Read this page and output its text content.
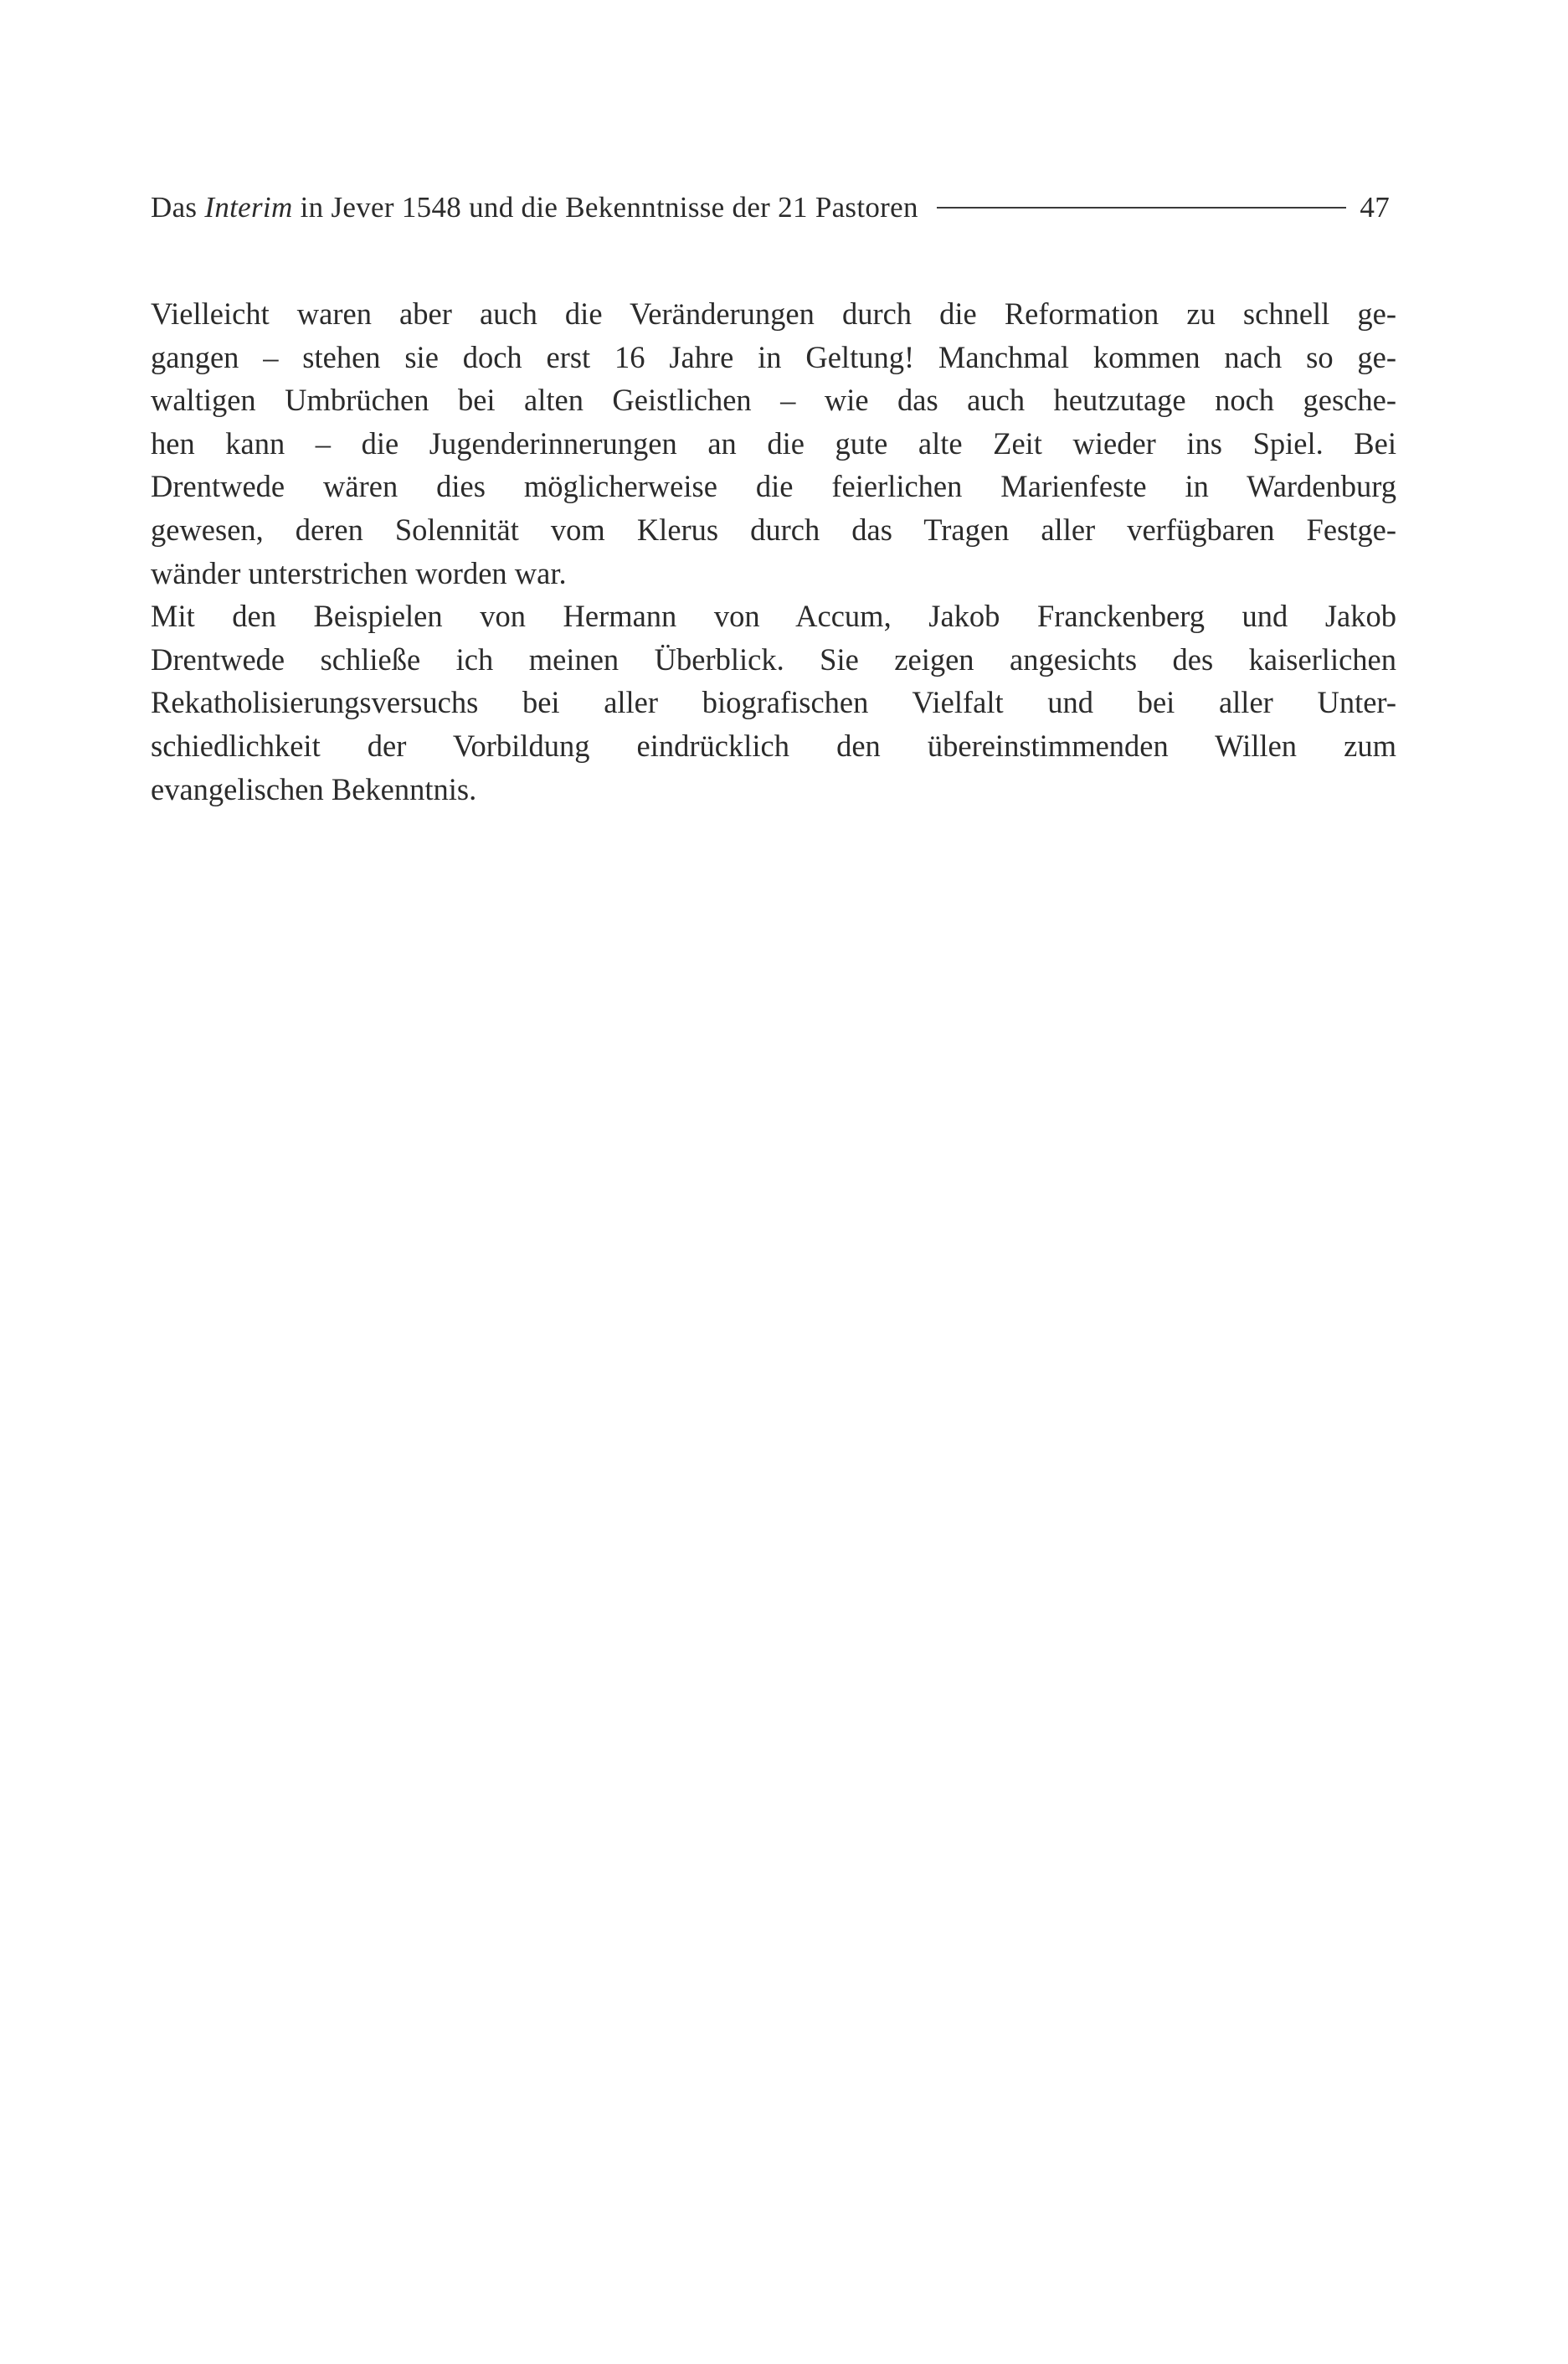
Das Interim in Jever 1548 und die Bekenntnisse der 21 Pastoren	47

Vielleicht waren aber auch die Veränderungen durch die Reformation zu schnell ge-
gangen – stehen sie doch erst 16 Jahre in Geltung! Manchmal kommen nach so ge-
waltigen Umbrüchen bei alten Geistlichen – wie das auch heutzutage noch gesche-
hen kann – die Jugenderinnerungen an die gute alte Zeit wieder ins Spiel. Bei
Drentwede wären dies möglicherweise die feierlichen Marienfeste in Wardenburg
gewesen, deren Solennität vom Klerus durch das Tragen aller verfügbaren Festge-
wänder unterstrichen worden war.

Mit den Beispielen von Hermann von Accum, Jakob Franckenberg und Jakob
Drentwede schließe ich meinen Überblick. Sie zeigen angesichts des kaiserlichen
Rekatholisierungsversuchs bei aller biografischen Vielfalt und bei aller Unter-
schiedlichkeit der Vorbildung eindrücklich den übereinstimmenden Willen zum
evangelischen Bekenntnis.
